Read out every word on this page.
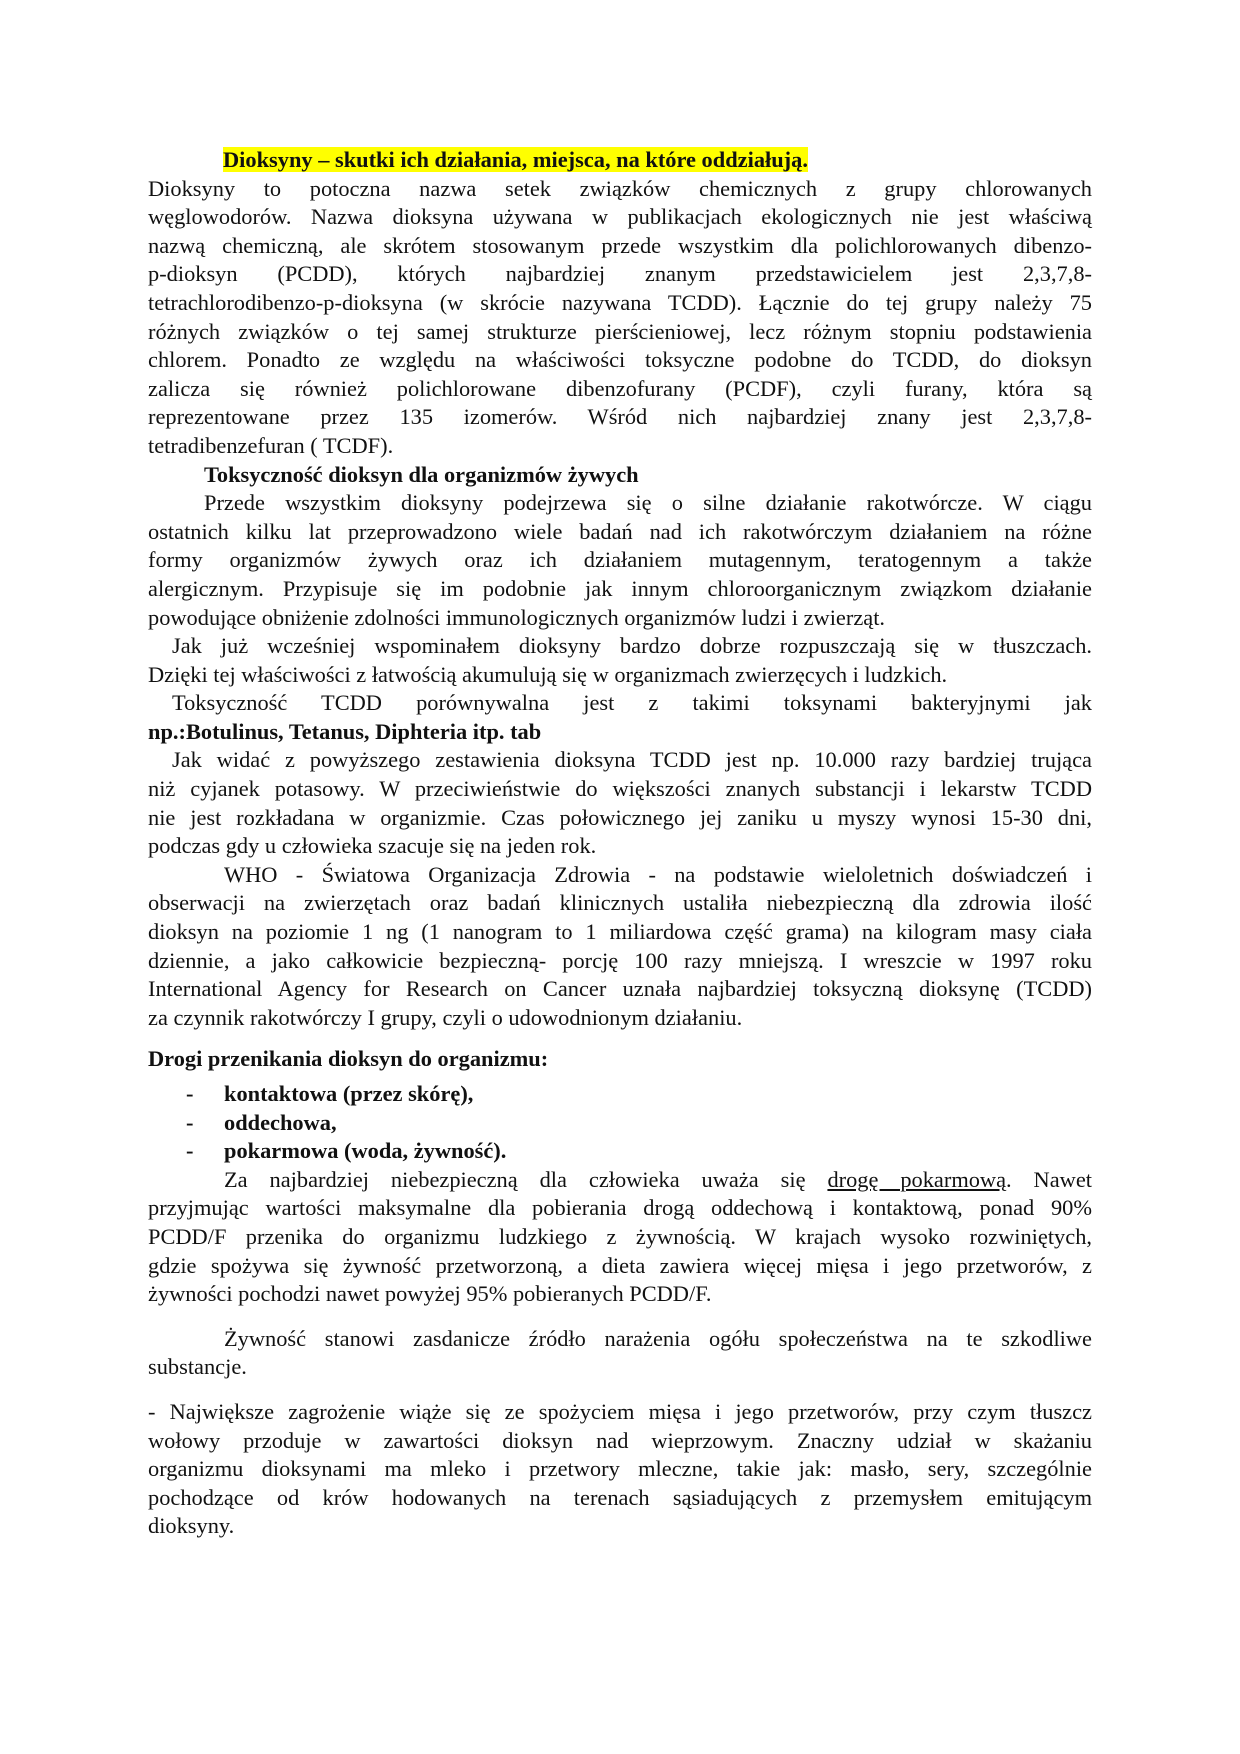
Dioksyny – skutki ich działania, miejsca, na które oddziałują.
Dioksyny to potoczna nazwa setek związków chemicznych z grupy chlorowanych
węglowodorów. Nazwa dioksyna używana w publikacjach ekologicznych nie jest właściwą
nazwą chemiczną, ale skrótem stosowanym przede wszystkim dla polichlorowanych dibenzo-
p-dioksyn (PCDD), których najbardziej znanym przedstawicielem jest 2,3,7,8-
tetrachlorodibenzo-p-dioksyna (w skrócie nazywana TCDD). Łącznie do tej grupy należy 75
różnych związków o tej samej strukturze pierścieniowej, lecz różnym stopniu podstawienia
chlorem. Ponadto ze względu na właściwości toksyczne podobne do TCDD, do dioksyn
zalicza się również polichlorowane dibenzofurany (PCDF), czyli furany, która są
reprezentowane przez 135 izomerów. Wśród nich najbardziej znany jest 2,3,7,8-
tetradibenzefuran ( TCDF).
Toksyczność dioksyn dla organizmów żywych
Przede wszystkim dioksyny podejrzewa się o silne działanie rakotwórcze. W ciągu
ostatnich kilku lat przeprowadzono wiele badań nad ich rakotwórczym działaniem na różne
formy organizmów żywych oraz ich działaniem mutagennym, teratogennym a także
alergicznym. Przypisuje się im podobnie jak innym chloroorganicznym związkom działanie
powodujące obniżenie zdolności immunologicznych organizmów ludzi i zwierząt.
Jak już wcześniej wspominałem dioksyny bardzo dobrze rozpuszczają się w tłuszczach.
Dzięki tej właściwości z łatwością akumulują się w organizmach zwierzęcych i ludzkich.
Toksyczność TCDD porównywalna jest z takimi toksynami bakteryjnymi jak
np.:Botulinus, Tetanus, Diphteria itp. tab
Jak widać z powyższego zestawienia dioksyna TCDD jest np. 10.000 razy bardziej trująca
niż cyjanek potasowy. W przeciwieństwie do większości znanych substancji i lekarstw TCDD
nie jest rozkładana w organizmie. Czas połowicznego jej zaniku u myszy wynosi 15-30 dni,
podczas gdy u człowieka szacuje się na jeden rok.
WHO - Światowa Organizacja Zdrowia - na podstawie wieloletnich doświadczeń i
obserwacji na zwierzętach oraz badań klinicznych ustaliła niebezpieczną dla zdrowia ilość
dioksyn na poziomie 1 ng (1 nanogram to 1 miliardowa część grama) na kilogram masy ciała
dziennie, a jako całkowicie bezpieczną- porcję 100 razy mniejszą. I wreszcie w 1997 roku
International Agency for Research on Cancer uznała najbardziej toksyczną dioksynę (TCDD)
za czynnik rakotwórczy I grupy, czyli o udowodnionym działaniu.
Drogi przenikania dioksyn do organizmu:
- kontaktowa (przez skórę),
- oddechowa,
- pokarmowa (woda, żywność).
Za najbardziej niebezpieczną dla człowieka uważa się drogę pokarmową. Nawet
przyjmując wartości maksymalne dla pobierania drogą oddechową i kontaktową, ponad 90%
PCDD/F przenika do organizmu ludzkiego z żywnością. W krajach wysoko rozwiniętych,
gdzie spożywa się żywność przetworzoną, a dieta zawiera więcej mięsa i jego przetworów, z
żywności pochodzi nawet powyżej 95% pobieranych PCDD/F.
Żywność stanowi zasdanicze źródło narażenia ogółu społeczeństwa na te szkodliwe
substancje.
- Największe zagrożenie wiąże się ze spożyciem mięsa i jego przetworów, przy czym tłuszcz
wołowy przoduje w zawartości dioksyn nad wieprzowym. Znaczny udział w skażaniu
organizmu dioksynami ma mleko i przetwory mleczne, takie jak: masło, sery, szczególnie
pochodzące od krów hodowanych na terenach sąsiadujących z przemysłem emitującym
dioksyny.
